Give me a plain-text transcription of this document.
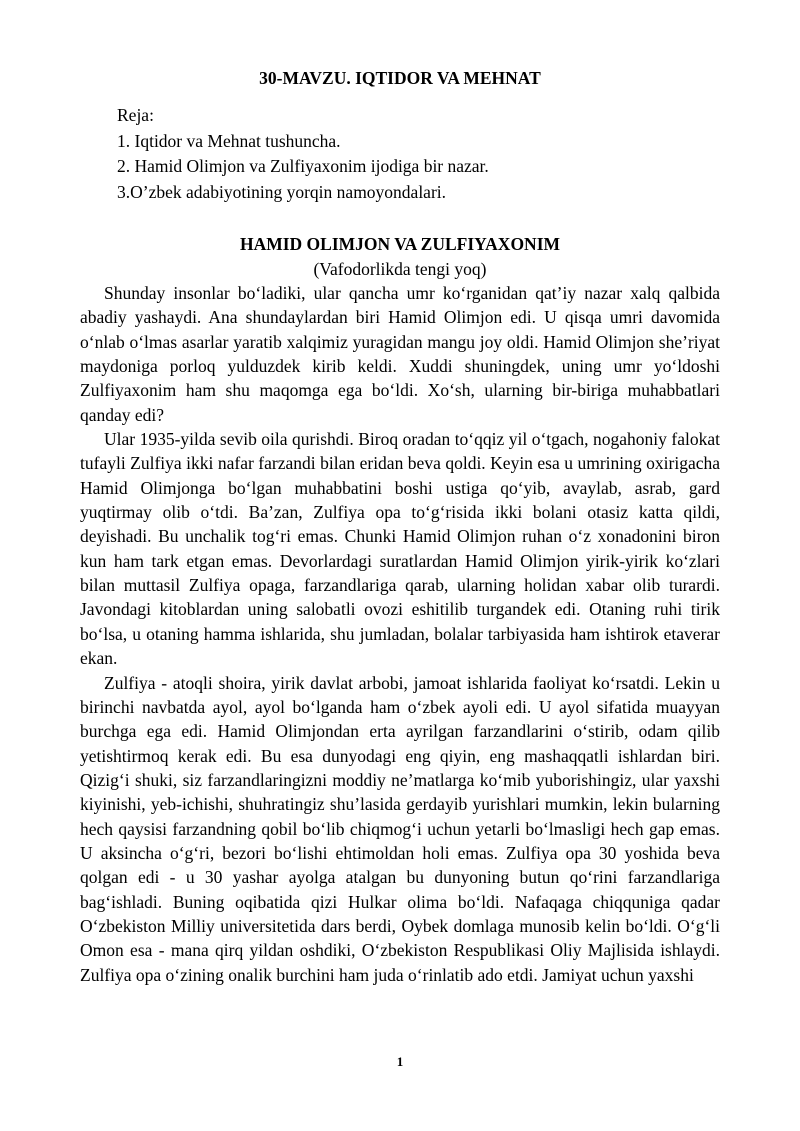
30-MAVZU. IQTIDOR VA MEHNAT
Reja:
1. Iqtidor va Mehnat tushuncha.
2. Hamid Olimjon va Zulfiyaxonim ijodiga bir nazar.
3.O’zbek adabiyotining yorqin namoyondalari.
HAMID OLIMJON VA ZULFIYAXONIM
(Vafodorlikda tengi yoq)

Shunday insonlar boʻladiki, ular qancha umr koʻrganidan qatʼiy nazar xalq qalbida abadiy yashaydi. Ana shundaylardan biri Hamid Olimjon edi. U qisqa umri davomida oʻnlab oʻlmas asarlar yaratib xalqimiz yuragidan mangu joy oldi. Hamid Olimjon sheʼriyat maydoniga porloq yulduzdek kirib keldi. Xuddi shuningdek, uning umr yoʻldoshi Zulfiyaxonim ham shu maqomga ega boʻldi. Xoʻsh, ularning bir-biriga muhabbatlari qanday edi?

Ular 1935-yilda sevib oila qurishdi. Biroq oradan toʻqqiz yil oʻtgach, nogahoniy falokat tufayli Zulfiya ikki nafar farzandi bilan eridan beva qoldi. Keyin esa u umrining oxirigacha Hamid Olimjonga boʻlgan muhabbatini boshi ustiga qoʻyib, avaylab, asrab, gard yuqtirmay olib oʻtdi. Baʼzan, Zulfiya opa toʻgʻrisida ikki bolani otasiz katta qildi, deyishadi. Bu unchalik togʻri emas. Chunki Hamid Olimjon ruhan oʻz xonadonini biron kun ham tark etgan emas. Devorlardagi suratlardan Hamid Olimjon yirik-yirik koʻzlari bilan muttasil Zulfiya opaga, farzandlariga qarab, ularning holidan xabar olib turardi. Javondagi kitoblardan uning salobatli ovozi eshitilib turgandek edi. Otaning ruhi tirik boʻlsa, u otaning hamma ishlarida, shu jumladan, bolalar tarbiyasida ham ishtirok etaverar ekan.

Zulfiya - atoqli shoira, yirik davlat arbobi, jamoat ishlarida faoliyat koʻrsatdi. Lekin u birinchi navbatda ayol, ayol boʻlganda ham oʻzbek ayoli edi. U ayol sifatida muayyan burchga ega edi. Hamid Olimjondan erta ayrilgan farzandlarini oʻstirib, odam qilib yetishtirmoq kerak edi. Bu esa dunyodagi eng qiyin, eng mashaqqatli ishlardan biri. Qizigʻi shuki, siz farzandlaringizni moddiy neʼmatlarga koʻmib yuborishingiz, ular yaxshi kiyinishi, yeb-ichishi, shuhratingiz shuʼlasida gerdayib yurishlari mumkin, lekin bularning hech qaysisi farzandning qobil boʻlib chiqmogʻi uchun yetarli boʻlmasligi hech gap emas. U aksincha oʻgʻri, bezori boʻlishi ehtimoldan holi emas. Zulfiya opa 30 yoshida beva qolgan edi - u 30 yashar ayolga atalgan bu dunyoning butun qoʻrini farzandlariga bagʻishladi. Buning oqibatida qizi Hulkar olima boʻldi. Nafaqaga chiqquniga qadar Oʻzbekiston Milliy universitetida dars berdi, Oybek domlaga munosib kelin boʻldi. Oʻgʻli Omon esa - mana qirq yildan oshdiki, Oʻzbekiston Respublikasi Oliy Majlisida ishlaydi. Zulfiya opa oʻzining onalik burchini ham juda oʻrinlatib ado etdi. Jamiyat uchun yaxshi

1
